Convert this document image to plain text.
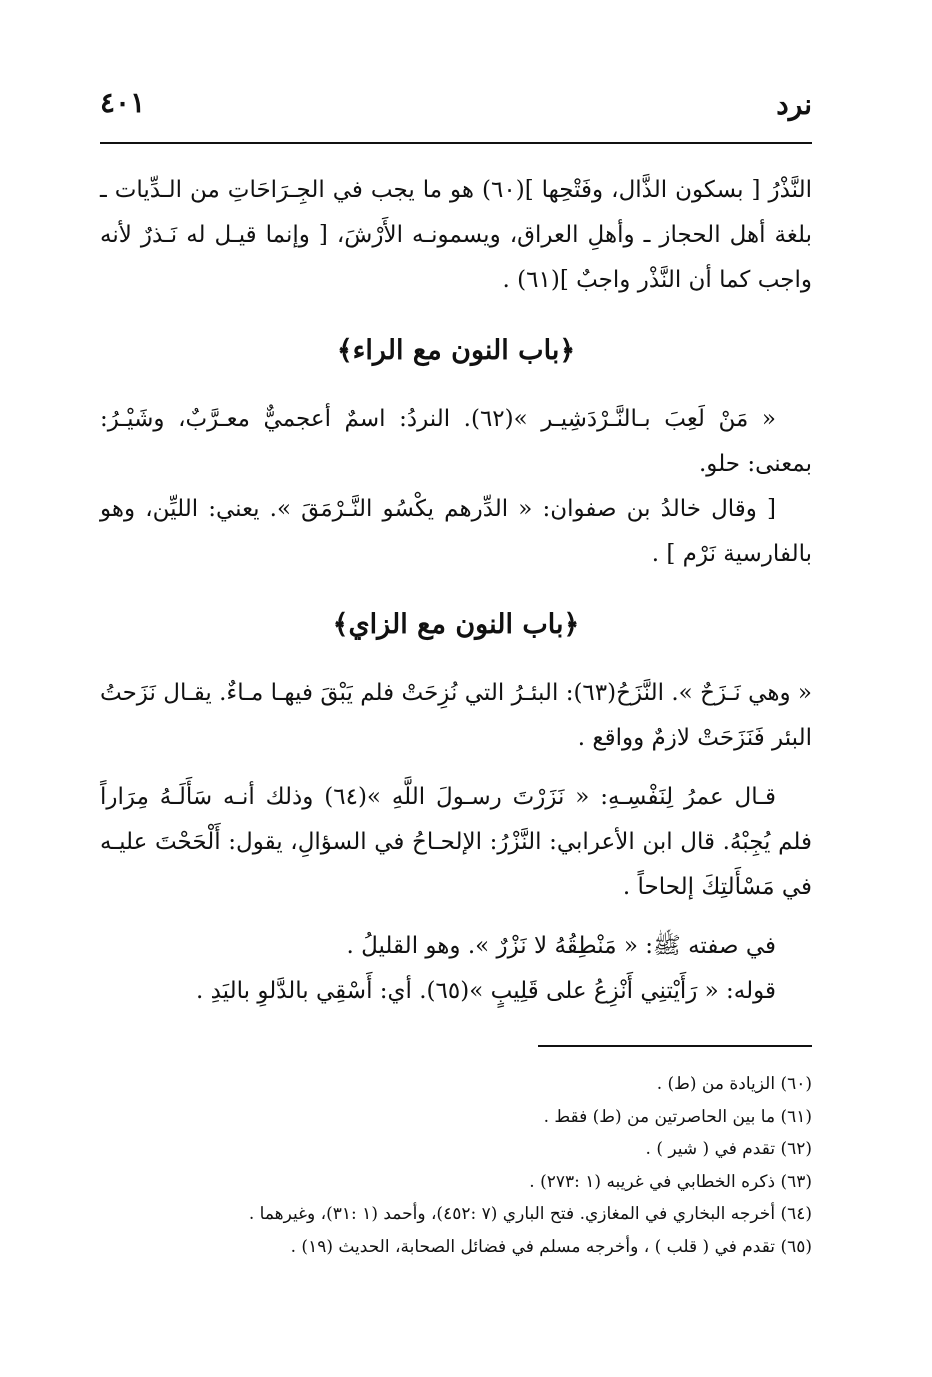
نرد
٤٠١

النَّذْرُ [ بسكون الذَّال، وفَتْحِها ](٦٠) هو ما يجب في الجِـرَاحَاتِ من الـدِّيات ـ بلغة أهل الحجاز ـ وأهلِ العراق، ويسمونـه الأَرْشَ، [ وإنما قيـل له نَـذرٌ لأنه واجب كما أن النَّذْر واجبٌ ](٦١) .

﴿باب النون مع الراء﴾

« مَنْ لَعِبَ بـالنَّـرْدَشِيـر »(٦٢). النردُ: اسمٌ أعجميٌّ معـرَّبٌ، وشَيْـرُ: بمعنى: حلو.

[ وقال خالدُ بن صفوان: « الدِّرهم يكْسُو النَّـرْمَقَ ». يعني: الليِّن، وهو بالفارسية نَرْم ] .

﴿باب النون مع الزاي﴾

« وهي نَـزَحٌ ». النَّزَحُ(٦٣): البئـرُ التي نُزِحَتْ فلم يَبْقَ فيهـا مـاءٌ. يقـال نَزَحتُ البئر فَنَزَحَتْ لازمٌ وواقع .

قـال عمرُ لِنَفْسِـهِ: « نَزَرْتَ رسـولَ اللَّهِ »(٦٤) وذلك أنـه سَأَلَـهُ مِرَاراً فلم يُجِبْهُ. قال ابن الأعرابي: النَّزْرُ: الإلحـاحُ في السؤالِ، يقول: أَلْحَحْتَ عليـه في مَسْأَلتِكَ إلحاحاً .

في صفته ﷺ: « مَنْطِقُهُ لا نَزْرٌ ». وهو القليلُ .

قوله: « رَأَيْتنِي أَنْزِعُ على قَلِيبٍ »(٦٥). أي: أَسْقِي بالدَّلوِ باليَدِ .

(٦٠) الزيادة من (ط) .

(٦١) ما بين الحاصرتين من (ط) فقط .

(٦٢) تقدم في ( شير ) .

(٦٣) ذكره الخطابي في غريبه (١ :٢٧٣) .

(٦٤) أخرجه البخاري في المغازي. فتح الباري (٧ :٤٥٢)، وأحمد (١ :٣١)، وغيرهما .

(٦٥) تقدم في ( قلب ) ، وأخرجه مسلم في فضائل الصحابة، الحديث (١٩) .
